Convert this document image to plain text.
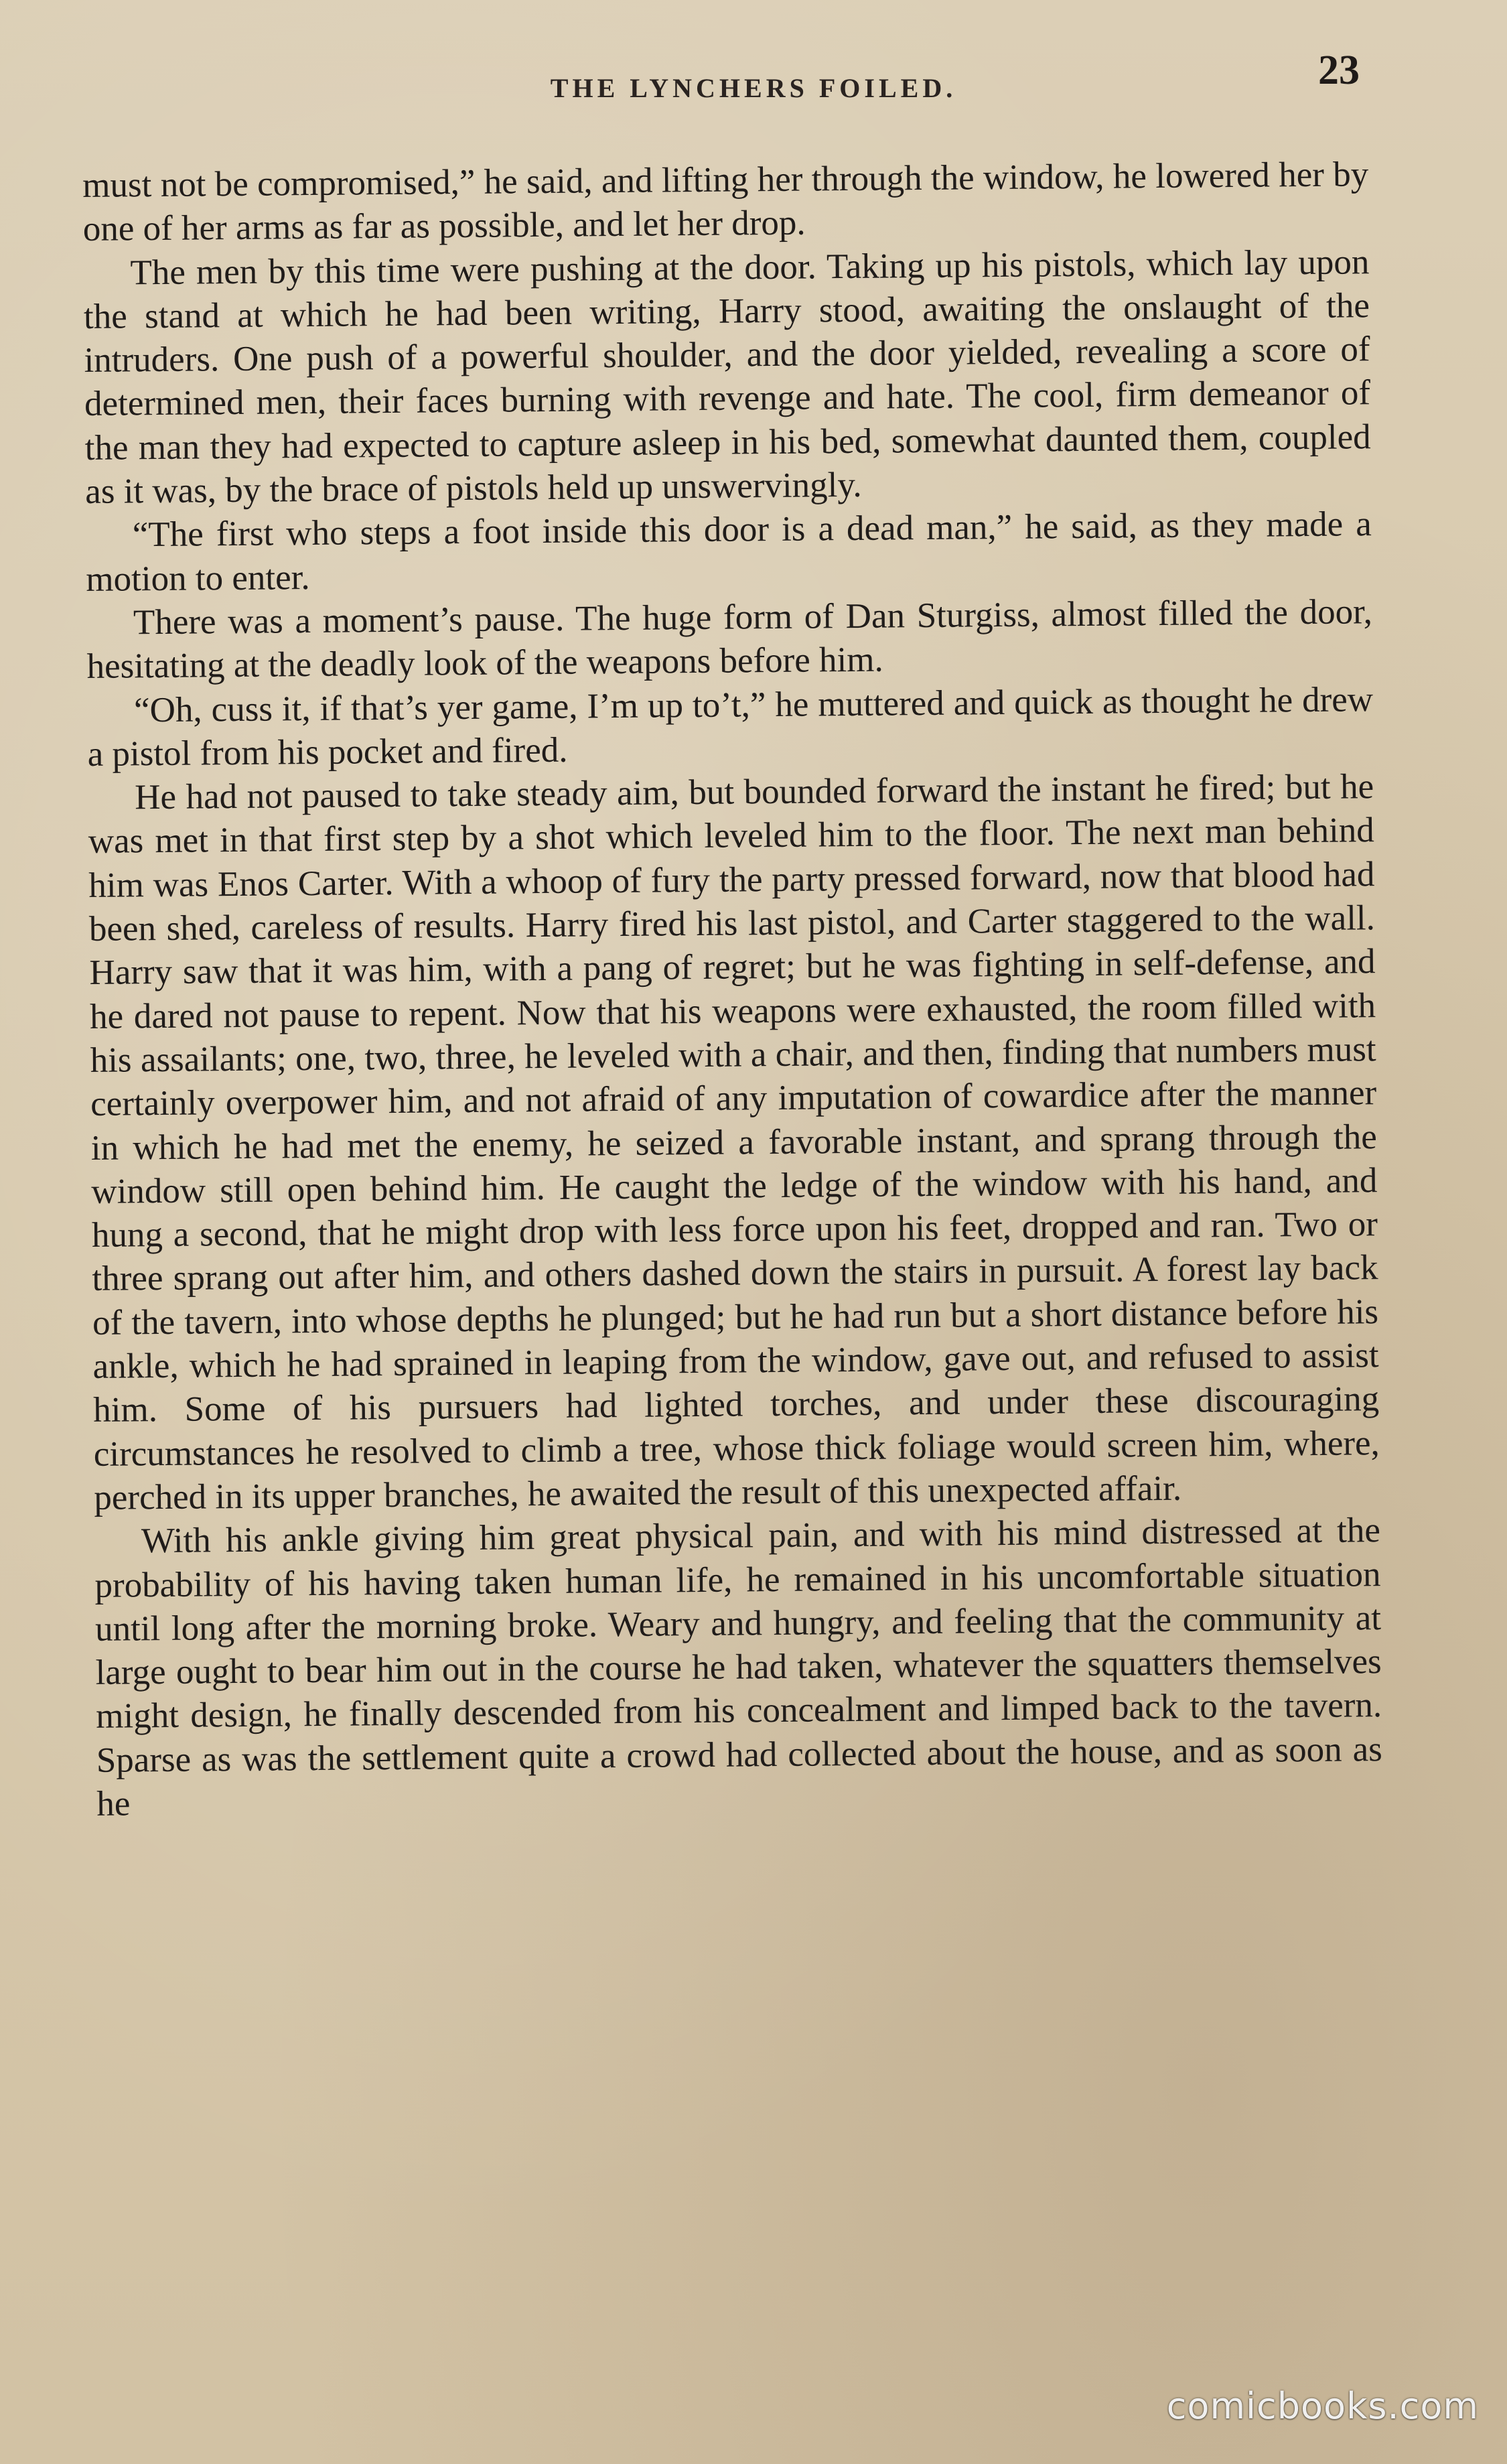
THE LYNCHERS FOILED.	23

must not be compromised,” he said, and lifting her through the window, he lowered her by one of her arms as far as possible, and let her drop.

The men by this time were pushing at the door. Taking up his pistols, which lay upon the stand at which he had been writing, Harry stood, awaiting the onslaught of the intruders. One push of a powerful shoulder, and the door yielded, revealing a score of determined men, their faces burning with revenge and hate. The cool, firm demeanor of the man they had expected to capture asleep in his bed, somewhat daunted them, coupled as it was, by the brace of pistols held up unswervingly.

“The first who steps a foot inside this door is a dead man,” he said, as they made a motion to enter.

There was a moment’s pause. The huge form of Dan Sturgiss, almost filled the door, hesitating at the deadly look of the weapons before him.

“Oh, cuss it, if that’s yer game, I’m up to’t,” he muttered and quick as thought he drew a pistol from his pocket and fired.

He had not paused to take steady aim, but bounded forward the instant he fired; but he was met in that first step by a shot which leveled him to the floor. The next man behind him was Enos Carter. With a whoop of fury the party pressed forward, now that blood had been shed, careless of results. Harry fired his last pistol, and Carter staggered to the wall. Harry saw that it was him, with a pang of regret; but he was fighting in self-defense, and he dared not pause to repent. Now that his weapons were exhausted, the room filled with his assailants; one, two, three, he leveled with a chair, and then, finding that numbers must certainly overpower him, and not afraid of any imputation of cowardice after the manner in which he had met the enemy, he seized a favorable instant, and sprang through the window still open behind him. He caught the ledge of the window with his hand, and hung a second, that he might drop with less force upon his feet, dropped and ran. Two or three sprang out after him, and others dashed down the stairs in pursuit. A forest lay back of the tavern, into whose depths he plunged; but he had run but a short distance before his ankle, which he had sprained in leaping from the window, gave out, and refused to assist him. Some of his pursuers had lighted torches, and under these discouraging circumstances he resolved to climb a tree, whose thick foliage would screen him, where, perched in its upper branches, he awaited the result of this unexpected affair.

With his ankle giving him great physical pain, and with his mind distressed at the probability of his having taken human life, he remained in his uncomfortable situation until long after the morning broke. Weary and hungry, and feeling that the community at large ought to bear him out in the course he had taken, whatever the squatters themselves might design, he finally descended from his concealment and limped back to the tavern. Sparse as was the settlement quite a crowd had collected about the house, and as soon as he

comicbooks.com
